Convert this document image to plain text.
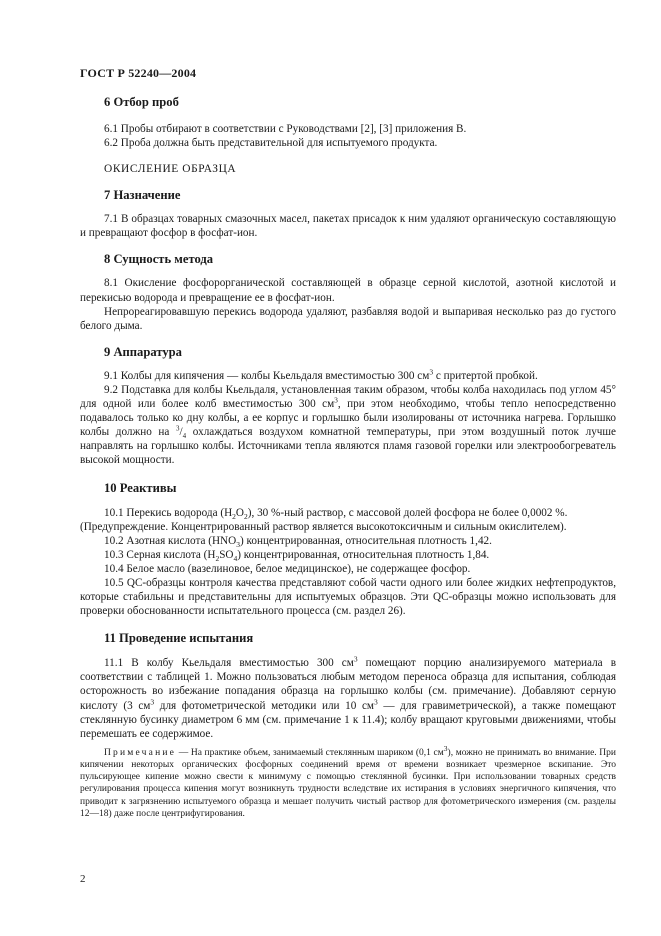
ГОСТ Р 52240—2004
6 Отбор проб

6.1 Пробы отбирают в соответствии с Руководствами [2], [3] приложения В.

6.2 Проба должна быть представительной для испытуемого продукта.

ОКИСЛЕНИЕ ОБРАЗЦА

7 Назначение

7.1 В образцах товарных смазочных масел, пакетах присадок к ним удаляют органическую составляющую и превращают фосфор в фосфат-ион.

8 Сущность метода

8.1 Окисление фосфорорганической составляющей в образце серной кислотой, азотной кислотой и перекисью водорода и превращение ее в фосфат-ион.

Непрореагировавшую перекись водорода удаляют, разбавляя водой и выпаривая несколько раз до густого белого дыма.

9 Аппаратура

9.1 Колбы для кипячения — колбы Кьельдаля вместимостью 300 $см^3$ с притертой пробкой.

9.2 Подставка для колбы Кьельдаля, установленная таким образом, чтобы колба находилась под углом 45° для одной или более колб вместимостью 300 $см^3$, при этом необходимо, чтобы тепло непосредственно подавалось только ко дну колбы, а ее корпус и горлышко были изолированы от источника нагрева. Горлышко колбы должно на $^3/_4$ охлаждаться воздухом комнатной температуры, при этом воздушный поток лучше направлять на горлышко колбы. Источниками тепла являются пламя газовой горелки или электрообогреватель высокой мощности.

10 Реактивы

10.1 Перекись водорода $(H_2O_2)$, 30 %-ный раствор, с массовой долей фосфора не более 0,0002 %.

(Предупреждение. Концентрированный раствор является высокотоксичным и сильным окислителем).

10.2 Азотная кислота $(HNO_3)$ концентрированная, относительная плотность 1,42.

10.3 Серная кислота $(H_2SO_4)$ концентрированная, относительная плотность 1,84.

10.4 Белое масло (вазелиновое, белое медицинское), не содержащее фосфор.

10.5 QC-образцы контроля качества представляют собой части одного или более жидких нефтепродуктов, которые стабильны и представительны для испытуемых образцов. Эти QC-образцы можно использовать для проверки обоснованности испытательного процесса (см. раздел 26).

11 Проведение испытания

11.1 В колбу Кьельдаля вместимостью 300 $см^3$ помещают порцию анализируемого материала в соответствии с таблицей 1. Можно пользоваться любым методом переноса образца для испытания, соблюдая осторожность во избежание попадания образца на горлышко колбы (см. примечание). Добавляют серную кислоту (3 $см^3$ для фотометрической методики или 10 $см^3$ — для гравиметрической), а также помещают стеклянную бусинку диаметром 6 мм (см. примечание 1 к 11.4); колбу вращают круговыми движениями, чтобы перемешать ее содержимое.

Примечание — На практике объем, занимаемый стеклянным шариком (0,1 $см^3$), можно не принимать во внимание. При кипячении некоторых органических фосфорных соединений время от времени возникает чрезмерное вскипание. Это пульсирующее кипение можно свести к минимуму с помощью стеклянной бусинки. При использовании товарных средств регулирования процесса кипения могут возникнуть трудности вследствие их истирания в условиях энергичного кипячения, что приводит к загрязнению испытуемого образца и мешает получить чистый раствор для фотометрического измерения (см. разделы 12—18) даже после центрифугирования.

2
